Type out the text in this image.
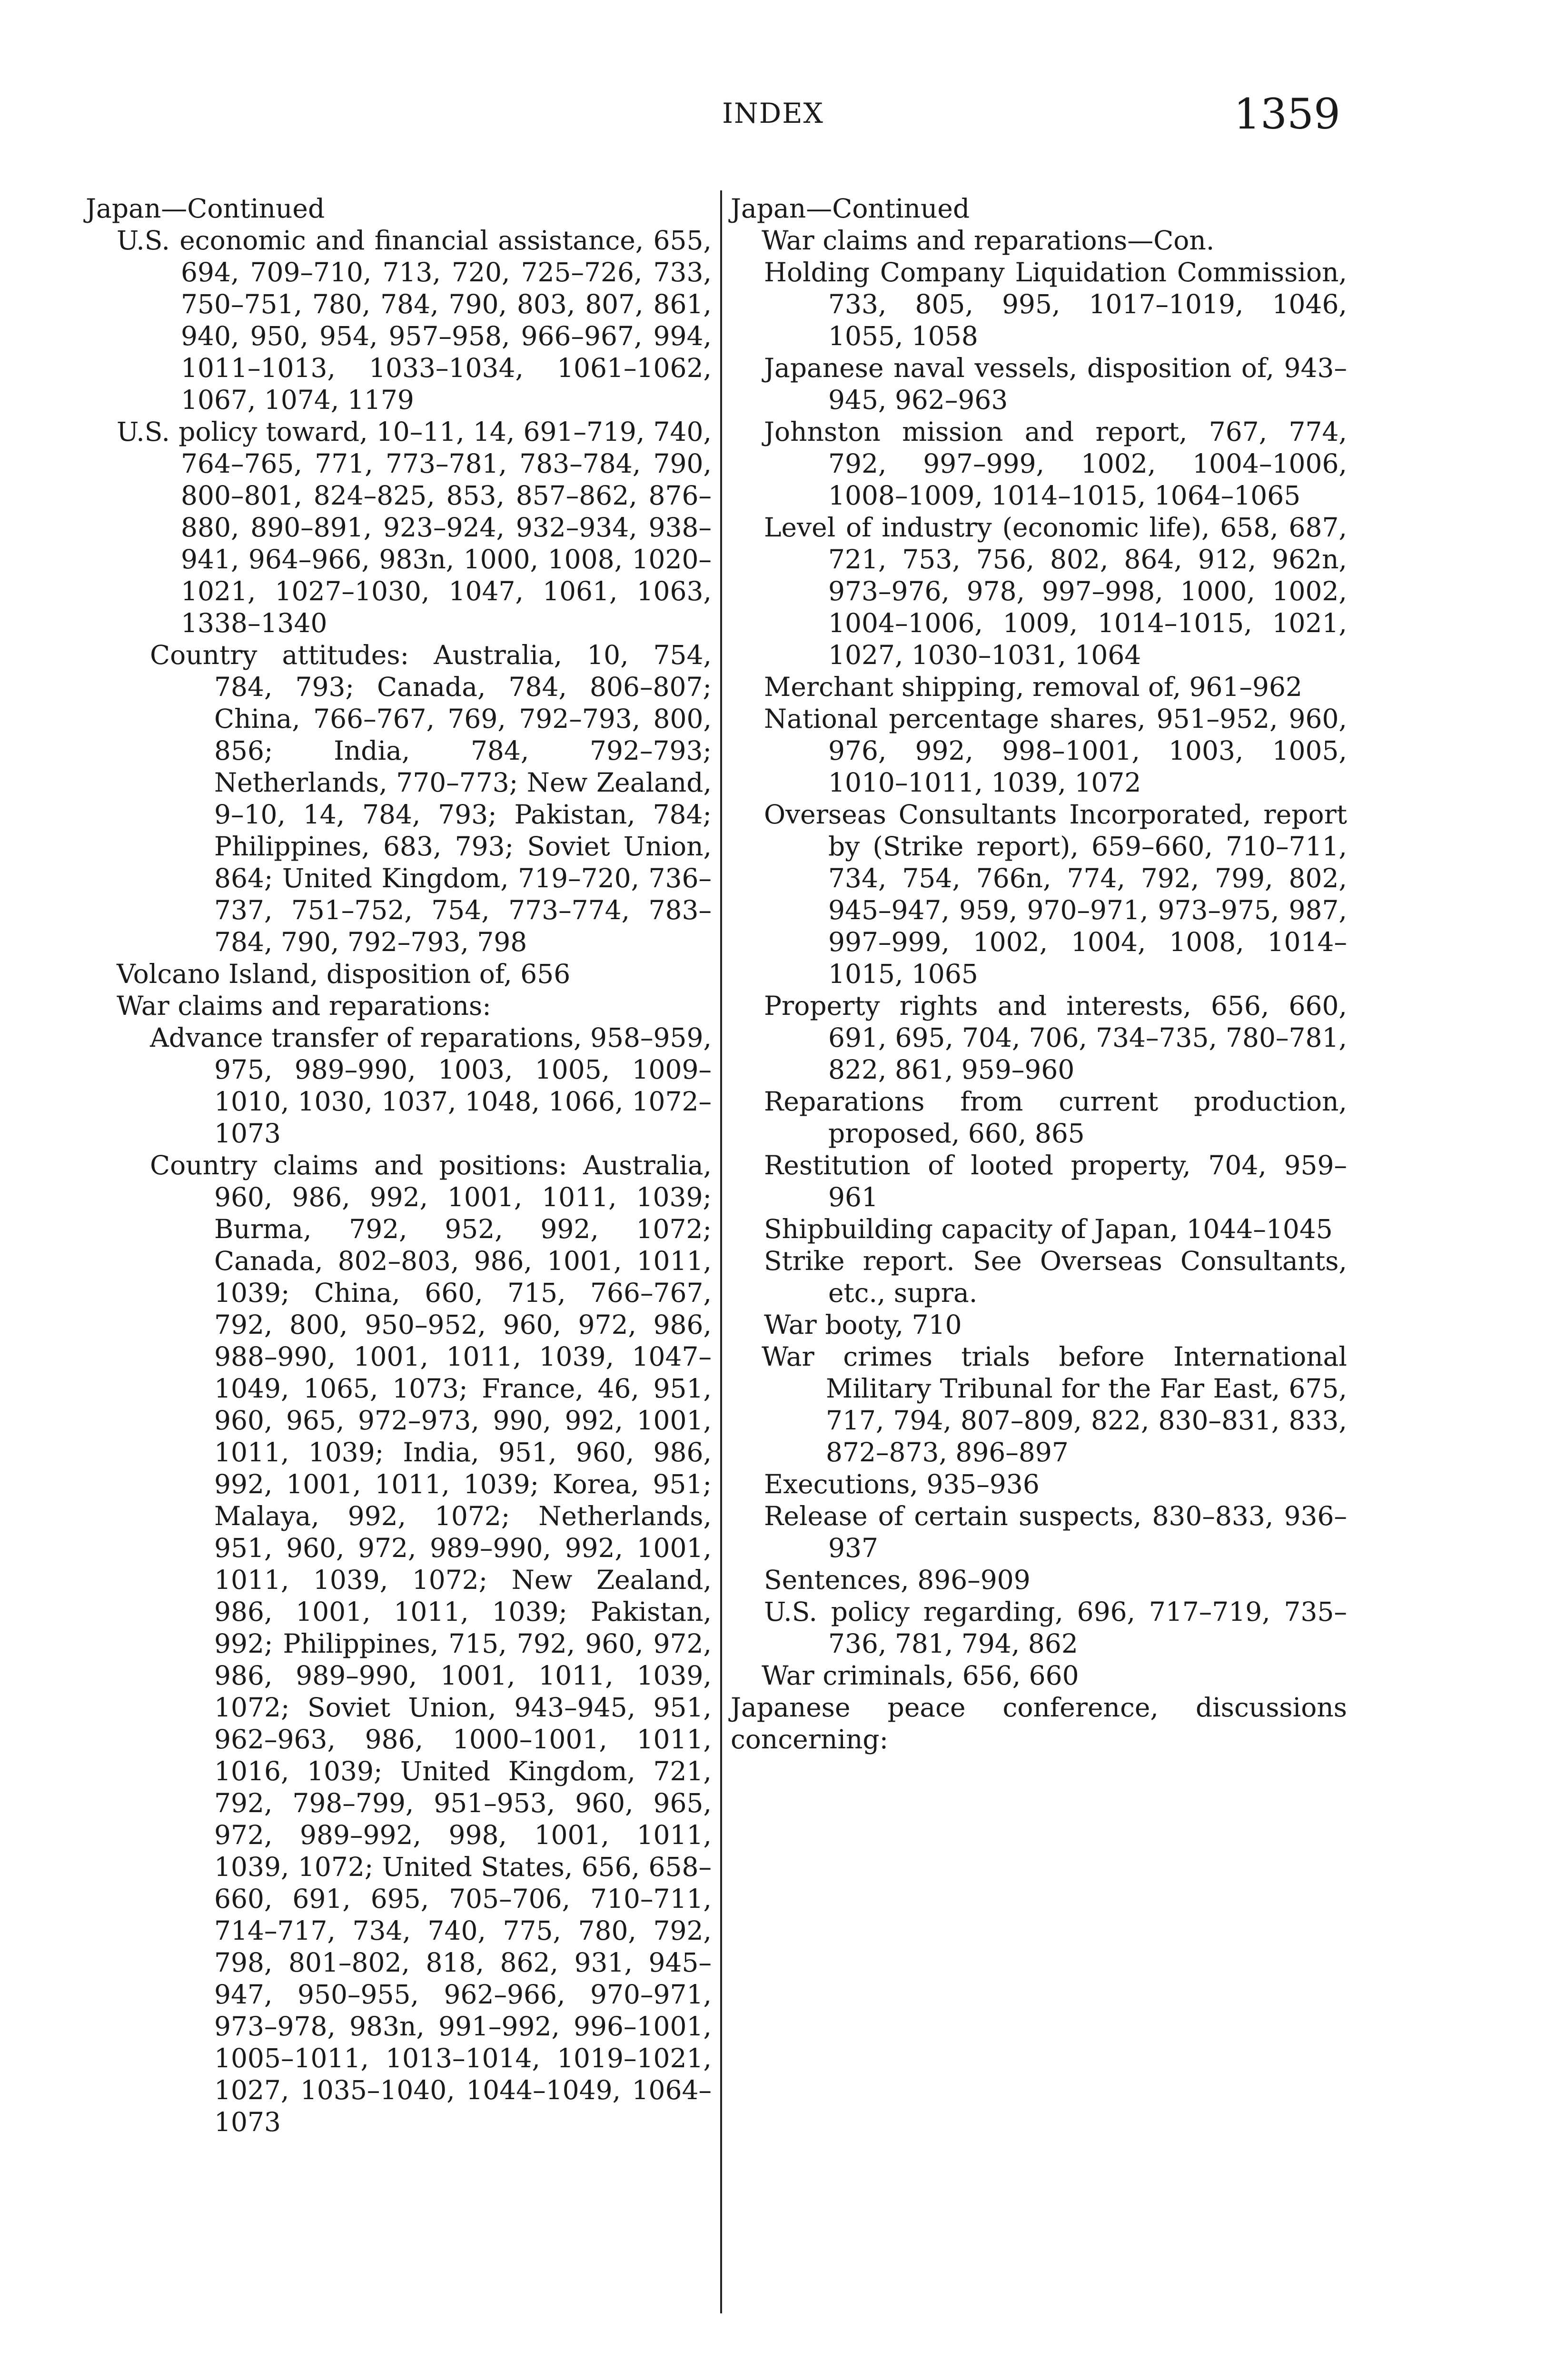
INDEX	1359

Japan—Continued

U.S. economic and financial assistance, 655, 694, 709–710, 713, 720, 725–726, 733, 750–751, 780, 784, 790, 803, 807, 861, 940, 950, 954, 957–958, 966–967, 994, 1011–1013, 1033–1034, 1061–1062, 1067, 1074, 1179

U.S. policy toward, 10–11, 14, 691–719, 740, 764–765, 771, 773–781, 783–784, 790, 800–801, 824–825, 853, 857–862, 876–880, 890–891, 923–924, 932–934, 938–941, 964–966, 983n, 1000, 1008, 1020–1021, 1027–1030, 1047, 1061, 1063, 1338–1340

Country attitudes: Australia, 10, 754, 784, 793; Canada, 784, 806–807; China, 766–767, 769, 792–793, 800, 856; India, 784, 792–793; Netherlands, 770–773; New Zealand, 9–10, 14, 784, 793; Pakistan, 784; Philippines, 683, 793; Soviet Union, 864; United Kingdom, 719–720, 736–737, 751–752, 754, 773–774, 783–784, 790, 792–793, 798

Volcano Island, disposition of, 656

War claims and reparations:

Advance transfer of reparations, 958–959, 975, 989–990, 1003, 1005, 1009–1010, 1030, 1037, 1048, 1066, 1072–1073

Country claims and positions: Australia, 960, 986, 992, 1001, 1011, 1039; Burma, 792, 952, 992, 1072; Canada, 802–803, 986, 1001, 1011, 1039; China, 660, 715, 766–767, 792, 800, 950–952, 960, 972, 986, 988–990, 1001, 1011, 1039, 1047–1049, 1065, 1073; France, 46, 951, 960, 965, 972–973, 990, 992, 1001, 1011, 1039; India, 951, 960, 986, 992, 1001, 1011, 1039; Korea, 951; Malaya, 992, 1072; Netherlands, 951, 960, 972, 989–990, 992, 1001, 1011, 1039, 1072; New Zealand, 986, 1001, 1011, 1039; Pakistan, 992; Philippines, 715, 792, 960, 972, 986, 989–990, 1001, 1011, 1039, 1072; Soviet Union, 943–945, 951, 962–963, 986, 1000–1001, 1011, 1016, 1039; United Kingdom, 721, 792, 798–799, 951–953, 960, 965, 972, 989–992, 998, 1001, 1011, 1039, 1072; United States, 656, 658–660, 691, 695, 705–706, 710–711, 714–717, 734, 740, 775, 780, 792, 798, 801–802, 818, 862, 931, 945–947, 950–955, 962–966, 970–971, 973–978, 983n, 991–992, 996–1001, 1005–1011, 1013–1014, 1019–1021, 1027, 1035–1040, 1044–1049, 1064–1073

Japan—Continued

War claims and reparations—Con.

Holding Company Liquidation Commission, 733, 805, 995, 1017–1019, 1046, 1055, 1058

Japanese naval vessels, disposition of, 943–945, 962–963

Johnston mission and report, 767, 774, 792, 997–999, 1002, 1004–1006, 1008–1009, 1014–1015, 1064–1065

Level of industry (economic life), 658, 687, 721, 753, 756, 802, 864, 912, 962n, 973–976, 978, 997–998, 1000, 1002, 1004–1006, 1009, 1014–1015, 1021, 1027, 1030–1031, 1064

Merchant shipping, removal of, 961–962

National percentage shares, 951–952, 960, 976, 992, 998–1001, 1003, 1005, 1010–1011, 1039, 1072

Overseas Consultants Incorporated, report by (Strike report), 659–660, 710–711, 734, 754, 766n, 774, 792, 799, 802, 945–947, 959, 970–971, 973–975, 987, 997–999, 1002, 1004, 1008, 1014–1015, 1065

Property rights and interests, 656, 660, 691, 695, 704, 706, 734–735, 780–781, 822, 861, 959–960

Reparations from current production, proposed, 660, 865

Restitution of looted property, 704, 959–961

Shipbuilding capacity of Japan, 1044–1045

Strike report. See Overseas Consultants, etc., supra.

War booty, 710

War crimes trials before International Military Tribunal for the Far East, 675, 717, 794, 807–809, 822, 830–831, 833, 872–873, 896–897

Executions, 935–936

Release of certain suspects, 830–833, 936–937

Sentences, 896–909

U.S. policy regarding, 696, 717–719, 735–736, 781, 794, 862

War criminals, 656, 660

Japanese peace conference, discussions concerning:
